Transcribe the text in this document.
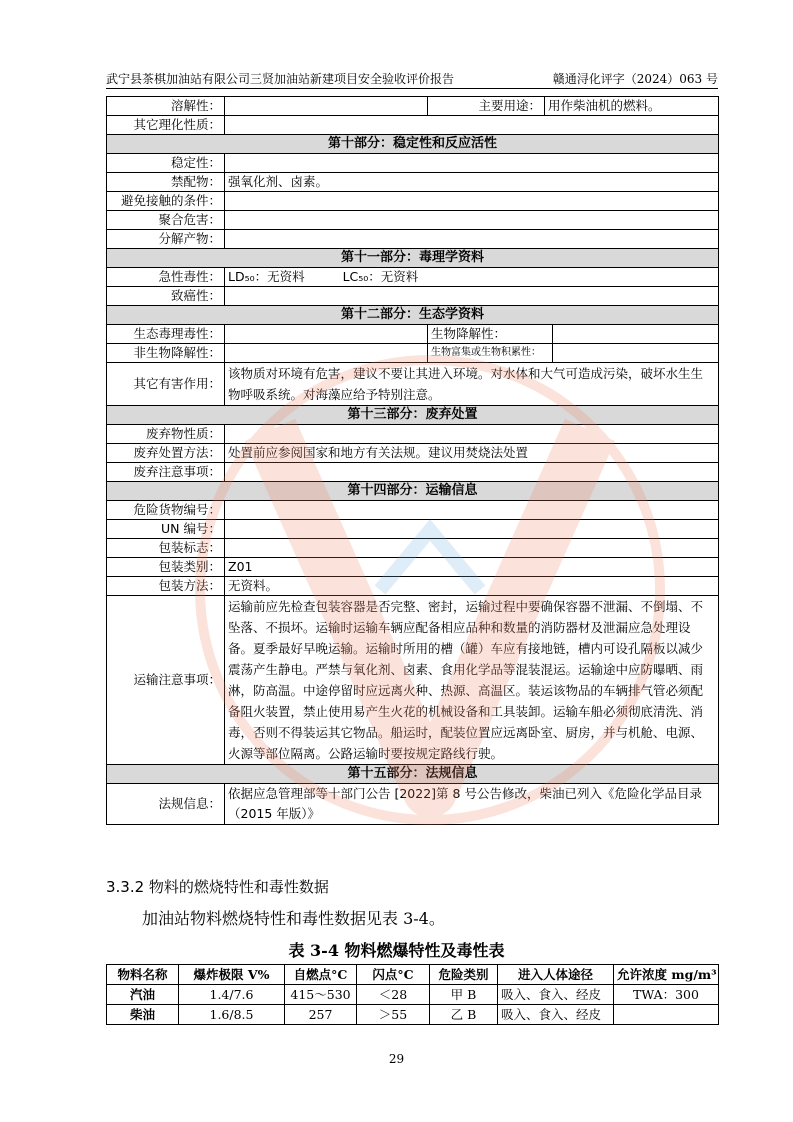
武宁县茶棋加油站有限公司三贤加油站新建项目安全验收评价报告	赣通浔化评字（2024）063 号
溶解性：		主要用途：	用作柴油机的燃料。	
其它理化性质：				
第十部分：稳定性和反应活性				
稳定性：				
禁配物：	强氧化剂、卤素。			
避免接触的条件：				
聚合危害：				
分解产物：				
第十一部分：毒理学资料				
急性毒性：	LD₅₀：无资料 LC₅₀：无资料			
致癌性：				
第十二部分：生态学资料				
生态毒理毒性：		生物降解性：		
非生物降解性：		生物富集或生物积累性：		
其它有害作用：	该物质对环境有危害，建议不要让其进入环境。对水体和大气可造成污染，破坏水生生物呼吸系统。对海藻应给予特别注意。			
第十三部分：废弃处置				
废弃物性质：				
废弃处置方法：	处置前应参阅国家和地方有关法规。建议用焚烧法处置			
废弃注意事项：				
第十四部分：运输信息				
危险货物编号：				
UN 编号：				
包装标志：				
包装类别：	Z01			
包装方法：	无资料。			
运输注意事项：	运输前应先检查包装容器是否完整、密封，运输过程中要确保容器不泄漏、不倒塌、不坠落、不损坏。运输时运输车辆应配备相应品种和数量的消防器材及泄漏应急处理设备。夏季最好早晚运输。运输时所用的槽（罐）车应有接地链，槽内可设孔隔板以减少震荡产生静电。严禁与氧化剂、卤素、食用化学品等混装混运。运输途中应防曝晒、雨淋，防高温。中途停留时应远离火种、热源、高温区。装运该物品的车辆排气管必须配备阻火装置，禁止使用易产生火花的机械设备和工具装卸。运输车船必须彻底清洗、消毒，否则不得装运其它物品。船运时，配装位置应远离卧室、厨房，并与机舱、电源、火源等部位隔离。公路运输时要按规定路线行驶。			
第十五部分：法规信息				
法规信息：	依据应急管理部等十部门公告 [2022]第 8 号公告修改，柴油已列入《危险化学品目录（2015 年版）》			
3.3.2 物料的燃烧特性和毒性数据
加油站物料燃烧特性和毒性数据见表 3-4。
表 3-4 物料燃爆特性及毒性表
物料名称	爆炸极限 V%	自燃点°C	闪点°C	危险类别	进入人体途径	允许浓度 mg/m³
汽油	1.4/7.6	415～530	＜28	甲 B	吸入、食入、经皮	TWA：300
柴油	1.6/8.5	257	＞55	乙 B	吸入、食入、经皮	
29
